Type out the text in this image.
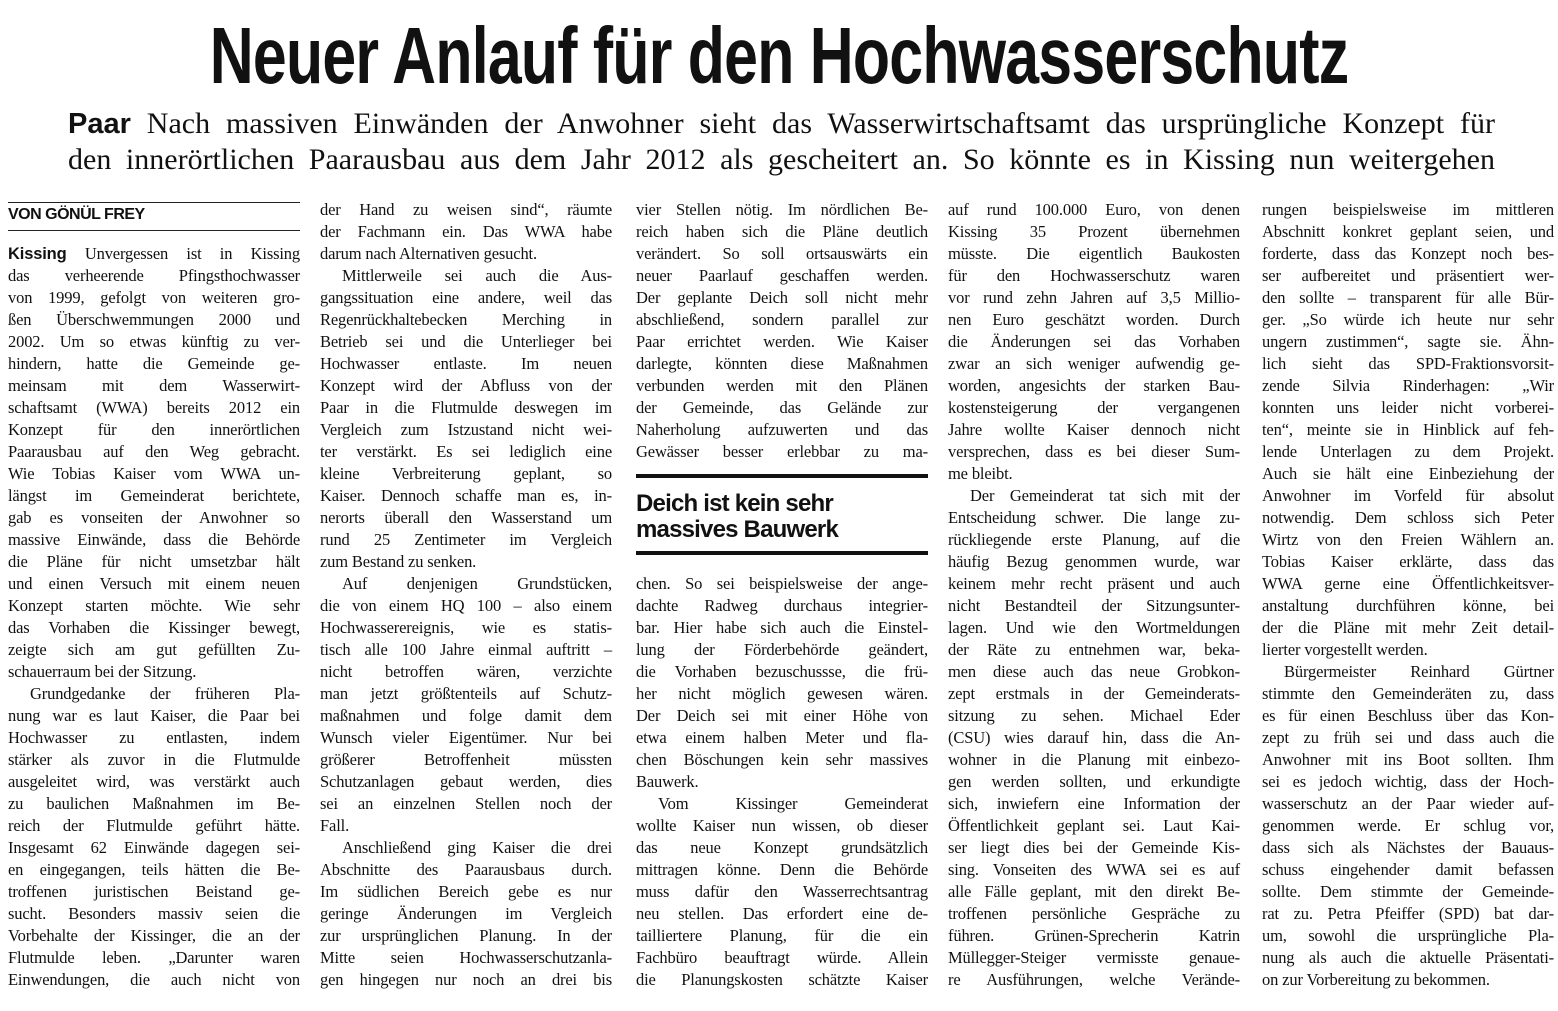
Neuer Anlauf für den Hochwasserschutz
Paar Nach massiven Einwänden der Anwohner sieht das Wasserwirtschaftsamt das ursprüngliche Konzept für
den innerörtlichen Paarausbau aus dem Jahr 2012 als gescheitert an. So könnte es in Kissing nun weitergehen
VON GÖNÜL FREY
Kissing Unvergessen ist in Kissing
das verheerende Pfingsthochwasser
von 1999, gefolgt von weiteren gro-
ßen Überschwemmungen 2000 und
2002. Um so etwas künftig zu ver-
hindern, hatte die Gemeinde ge-
meinsam mit dem Wasserwirt-
schaftsamt (WWA) bereits 2012 ein
Konzept für den innerörtlichen
Paarausbau auf den Weg gebracht.
Wie Tobias Kaiser vom WWA un-
längst im Gemeinderat berichtete,
gab es vonseiten der Anwohner so
massive Einwände, dass die Behörde
die Pläne für nicht umsetzbar hält
und einen Versuch mit einem neuen
Konzept starten möchte. Wie sehr
das Vorhaben die Kissinger bewegt,
zeigte sich am gut gefüllten Zu-
schauerraum bei der Sitzung.
Grundgedanke der früheren Pla-
nung war es laut Kaiser, die Paar bei
Hochwasser zu entlasten, indem
stärker als zuvor in die Flutmulde
ausgeleitet wird, was verstärkt auch
zu baulichen Maßnahmen im Be-
reich der Flutmulde geführt hätte.
Insgesamt 62 Einwände dagegen sei-
en eingegangen, teils hätten die Be-
troffenen juristischen Beistand ge-
sucht. Besonders massiv seien die
Vorbehalte der Kissinger, die an der
Flutmulde leben. „Darunter waren
Einwendungen, die auch nicht von
der Hand zu weisen sind“, räumte
der Fachmann ein. Das WWA habe
darum nach Alternativen gesucht.
Mittlerweile sei auch die Aus-
gangssituation eine andere, weil das
Regenrückhaltebecken Merching in
Betrieb sei und die Unterlieger bei
Hochwasser entlaste. Im neuen
Konzept wird der Abfluss von der
Paar in die Flutmulde deswegen im
Vergleich zum Istzustand nicht wei-
ter verstärkt. Es sei lediglich eine
kleine Verbreiterung geplant, so
Kaiser. Dennoch schaffe man es, in-
nerorts überall den Wasserstand um
rund 25 Zentimeter im Vergleich
zum Bestand zu senken.
Auf denjenigen Grundstücken,
die von einem HQ 100 – also einem
Hochwasserereignis, wie es statis-
tisch alle 100 Jahre einmal auftritt –
nicht betroffen wären, verzichte
man jetzt größtenteils auf Schutz-
maßnahmen und folge damit dem
Wunsch vieler Eigentümer. Nur bei
größerer Betroffenheit müssten
Schutzanlagen gebaut werden, dies
sei an einzelnen Stellen noch der
Fall.
Anschließend ging Kaiser die drei
Abschnitte des Paarausbaus durch.
Im südlichen Bereich gebe es nur
geringe Änderungen im Vergleich
zur ursprünglichen Planung. In der
Mitte seien Hochwasserschutzanla-
gen hingegen nur noch an drei bis
vier Stellen nötig. Im nördlichen Be-
reich haben sich die Pläne deutlich
verändert. So soll ortsauswärts ein
neuer Paarlauf geschaffen werden.
Der geplante Deich soll nicht mehr
abschließend, sondern parallel zur
Paar errichtet werden. Wie Kaiser
darlegte, könnten diese Maßnahmen
verbunden werden mit den Plänen
der Gemeinde, das Gelände zur
Naherholung aufzuwerten und das
Gewässer besser erlebbar zu ma-
Deich ist kein sehr
massives Bauwerk
chen. So sei beispielsweise der ange-
dachte Radweg durchaus integrier-
bar. Hier habe sich auch die Einstel-
lung der Förderbehörde geändert,
die Vorhaben bezuschussse, die frü-
her nicht möglich gewesen wären.
Der Deich sei mit einer Höhe von
etwa einem halben Meter und fla-
chen Böschungen kein sehr massives
Bauwerk.
Vom Kissinger Gemeinderat
wollte Kaiser nun wissen, ob dieser
das neue Konzept grundsätzlich
mittragen könne. Denn die Behörde
muss dafür den Wasserrechtsantrag
neu stellen. Das erfordert eine de-
tailliertere Planung, für die ein
Fachbüro beauftragt würde. Allein
die Planungskosten schätzte Kaiser
auf rund 100.000 Euro, von denen
Kissing 35 Prozent übernehmen
müsste. Die eigentlich Baukosten
für den Hochwasserschutz waren
vor rund zehn Jahren auf 3,5 Millio-
nen Euro geschätzt worden. Durch
die Änderungen sei das Vorhaben
zwar an sich weniger aufwendig ge-
worden, angesichts der starken Bau-
kostensteigerung der vergangenen
Jahre wollte Kaiser dennoch nicht
versprechen, dass es bei dieser Sum-
me bleibt.
Der Gemeinderat tat sich mit der
Entscheidung schwer. Die lange zu-
rückliegende erste Planung, auf die
häufig Bezug genommen wurde, war
keinem mehr recht präsent und auch
nicht Bestandteil der Sitzungsunter-
lagen. Und wie den Wortmeldungen
der Räte zu entnehmen war, beka-
men diese auch das neue Grobkon-
zept erstmals in der Gemeinderats-
sitzung zu sehen. Michael Eder
(CSU) wies darauf hin, dass die An-
wohner in die Planung mit einbezo-
gen werden sollten, und erkundigte
sich, inwiefern eine Information der
Öffentlichkeit geplant sei. Laut Kai-
ser liegt dies bei der Gemeinde Kis-
sing. Vonseiten des WWA sei es auf
alle Fälle geplant, mit den direkt Be-
troffenen persönliche Gespräche zu
führen. Grünen-Sprecherin Katrin
Müllegger-Steiger vermisste genaue-
re Ausführungen, welche Verände-
rungen beispielsweise im mittleren
Abschnitt konkret geplant seien, und
forderte, dass das Konzept noch bes-
ser aufbereitet und präsentiert wer-
den sollte – transparent für alle Bür-
ger. „So würde ich heute nur sehr
ungern zustimmen“, sagte sie. Ähn-
lich sieht das SPD-Fraktionsvorsit-
zende Silvia Rinderhagen: „Wir
konnten uns leider nicht vorberei-
ten“, meinte sie in Hinblick auf feh-
lende Unterlagen zu dem Projekt.
Auch sie hält eine Einbeziehung der
Anwohner im Vorfeld für absolut
notwendig. Dem schloss sich Peter
Wirtz von den Freien Wählern an.
Tobias Kaiser erklärte, dass das
WWA gerne eine Öffentlichkeitsver-
anstaltung durchführen könne, bei
der die Pläne mit mehr Zeit detail-
lierter vorgestellt werden.
Bürgermeister Reinhard Gürtner
stimmte den Gemeinderäten zu, dass
es für einen Beschluss über das Kon-
zept zu früh sei und dass auch die
Anwohner mit ins Boot sollten. Ihm
sei es jedoch wichtig, dass der Hoch-
wasserschutz an der Paar wieder auf-
genommen werde. Er schlug vor,
dass sich als Nächstes der Bauaus-
schuss eingehender damit befassen
sollte. Dem stimmte der Gemeinde-
rat zu. Petra Pfeiffer (SPD) bat dar-
um, sowohl die ursprüngliche Pla-
nung als auch die aktuelle Präsentati-
on zur Vorbereitung zu bekommen.
